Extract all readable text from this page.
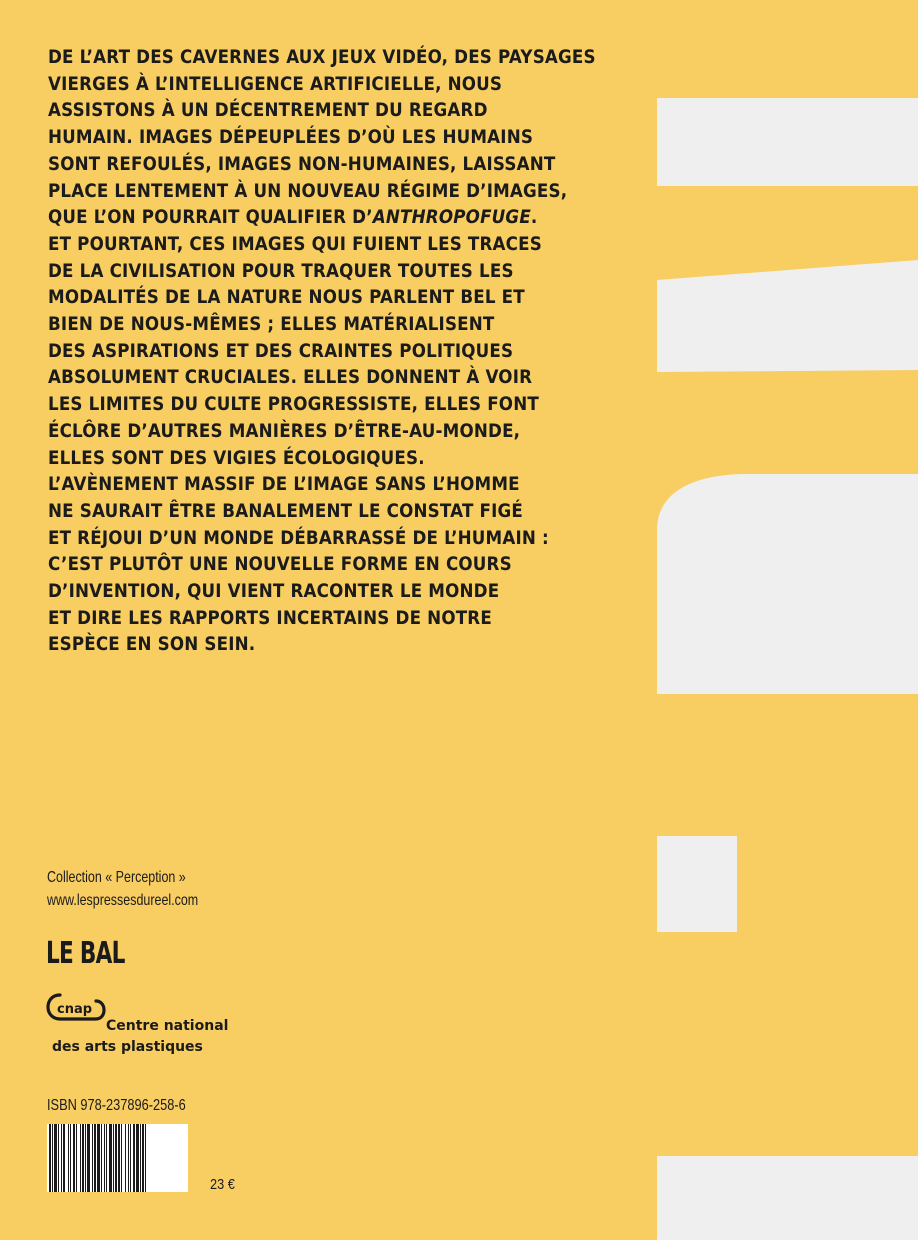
DE L’ART DES CAVERNES AUX JEUX VIDÉO, DES PAYSAGES
VIERGES À L’INTELLIGENCE ARTIFICIELLE, NOUS
ASSISTONS À UN DÉCENTREMENT DU REGARD
HUMAIN. IMAGES DÉPEUPLÉES D’OÙ LES HUMAINS
SONT REFOULÉS, IMAGES NON-HUMAINES, LAISSANT
PLACE LENTEMENT À UN NOUVEAU RÉGIME D’IMAGES,
QUE L’ON POURRAIT QUALIFIER D’ANTHROPOFUGE.
ET POURTANT, CES IMAGES QUI FUIENT LES TRACES
DE LA CIVILISATION POUR TRAQUER TOUTES LES
MODALITÉS DE LA NATURE NOUS PARLENT BEL ET
BIEN DE NOUS-MÊMES ; ELLES MATÉRIALISENT
DES ASPIRATIONS ET DES CRAINTES POLITIQUES
ABSOLUMENT CRUCIALES. ELLES DONNENT À VOIR
LES LIMITES DU CULTE PROGRESSISTE, ELLES FONT
ÉCLÔRE D’AUTRES MANIÈRES D’ÊTRE-AU-MONDE,
ELLES SONT DES VIGIES ÉCOLOGIQUES.
L’AVÈNEMENT MASSIF DE L’IMAGE SANS L’HOMME
NE SAURAIT ÊTRE BANALEMENT LE CONSTAT FIGÉ
ET RÉJOUI D’UN MONDE DÉBARRASSÉ DE L’HUMAIN :
C’EST PLUTÔT UNE NOUVELLE FORME EN COURS
D’INVENTION, QUI VIENT RACONTER LE MONDE
ET DIRE LES RAPPORTS INCERTAINS DE NOTRE
ESPÈCE EN SON SEIN.
Collection « Perception »
www.lespressesdureel.com
LE BAL
cnap
Centre national
des arts plastiques
ISBN 978-237896-258-6
23 €
